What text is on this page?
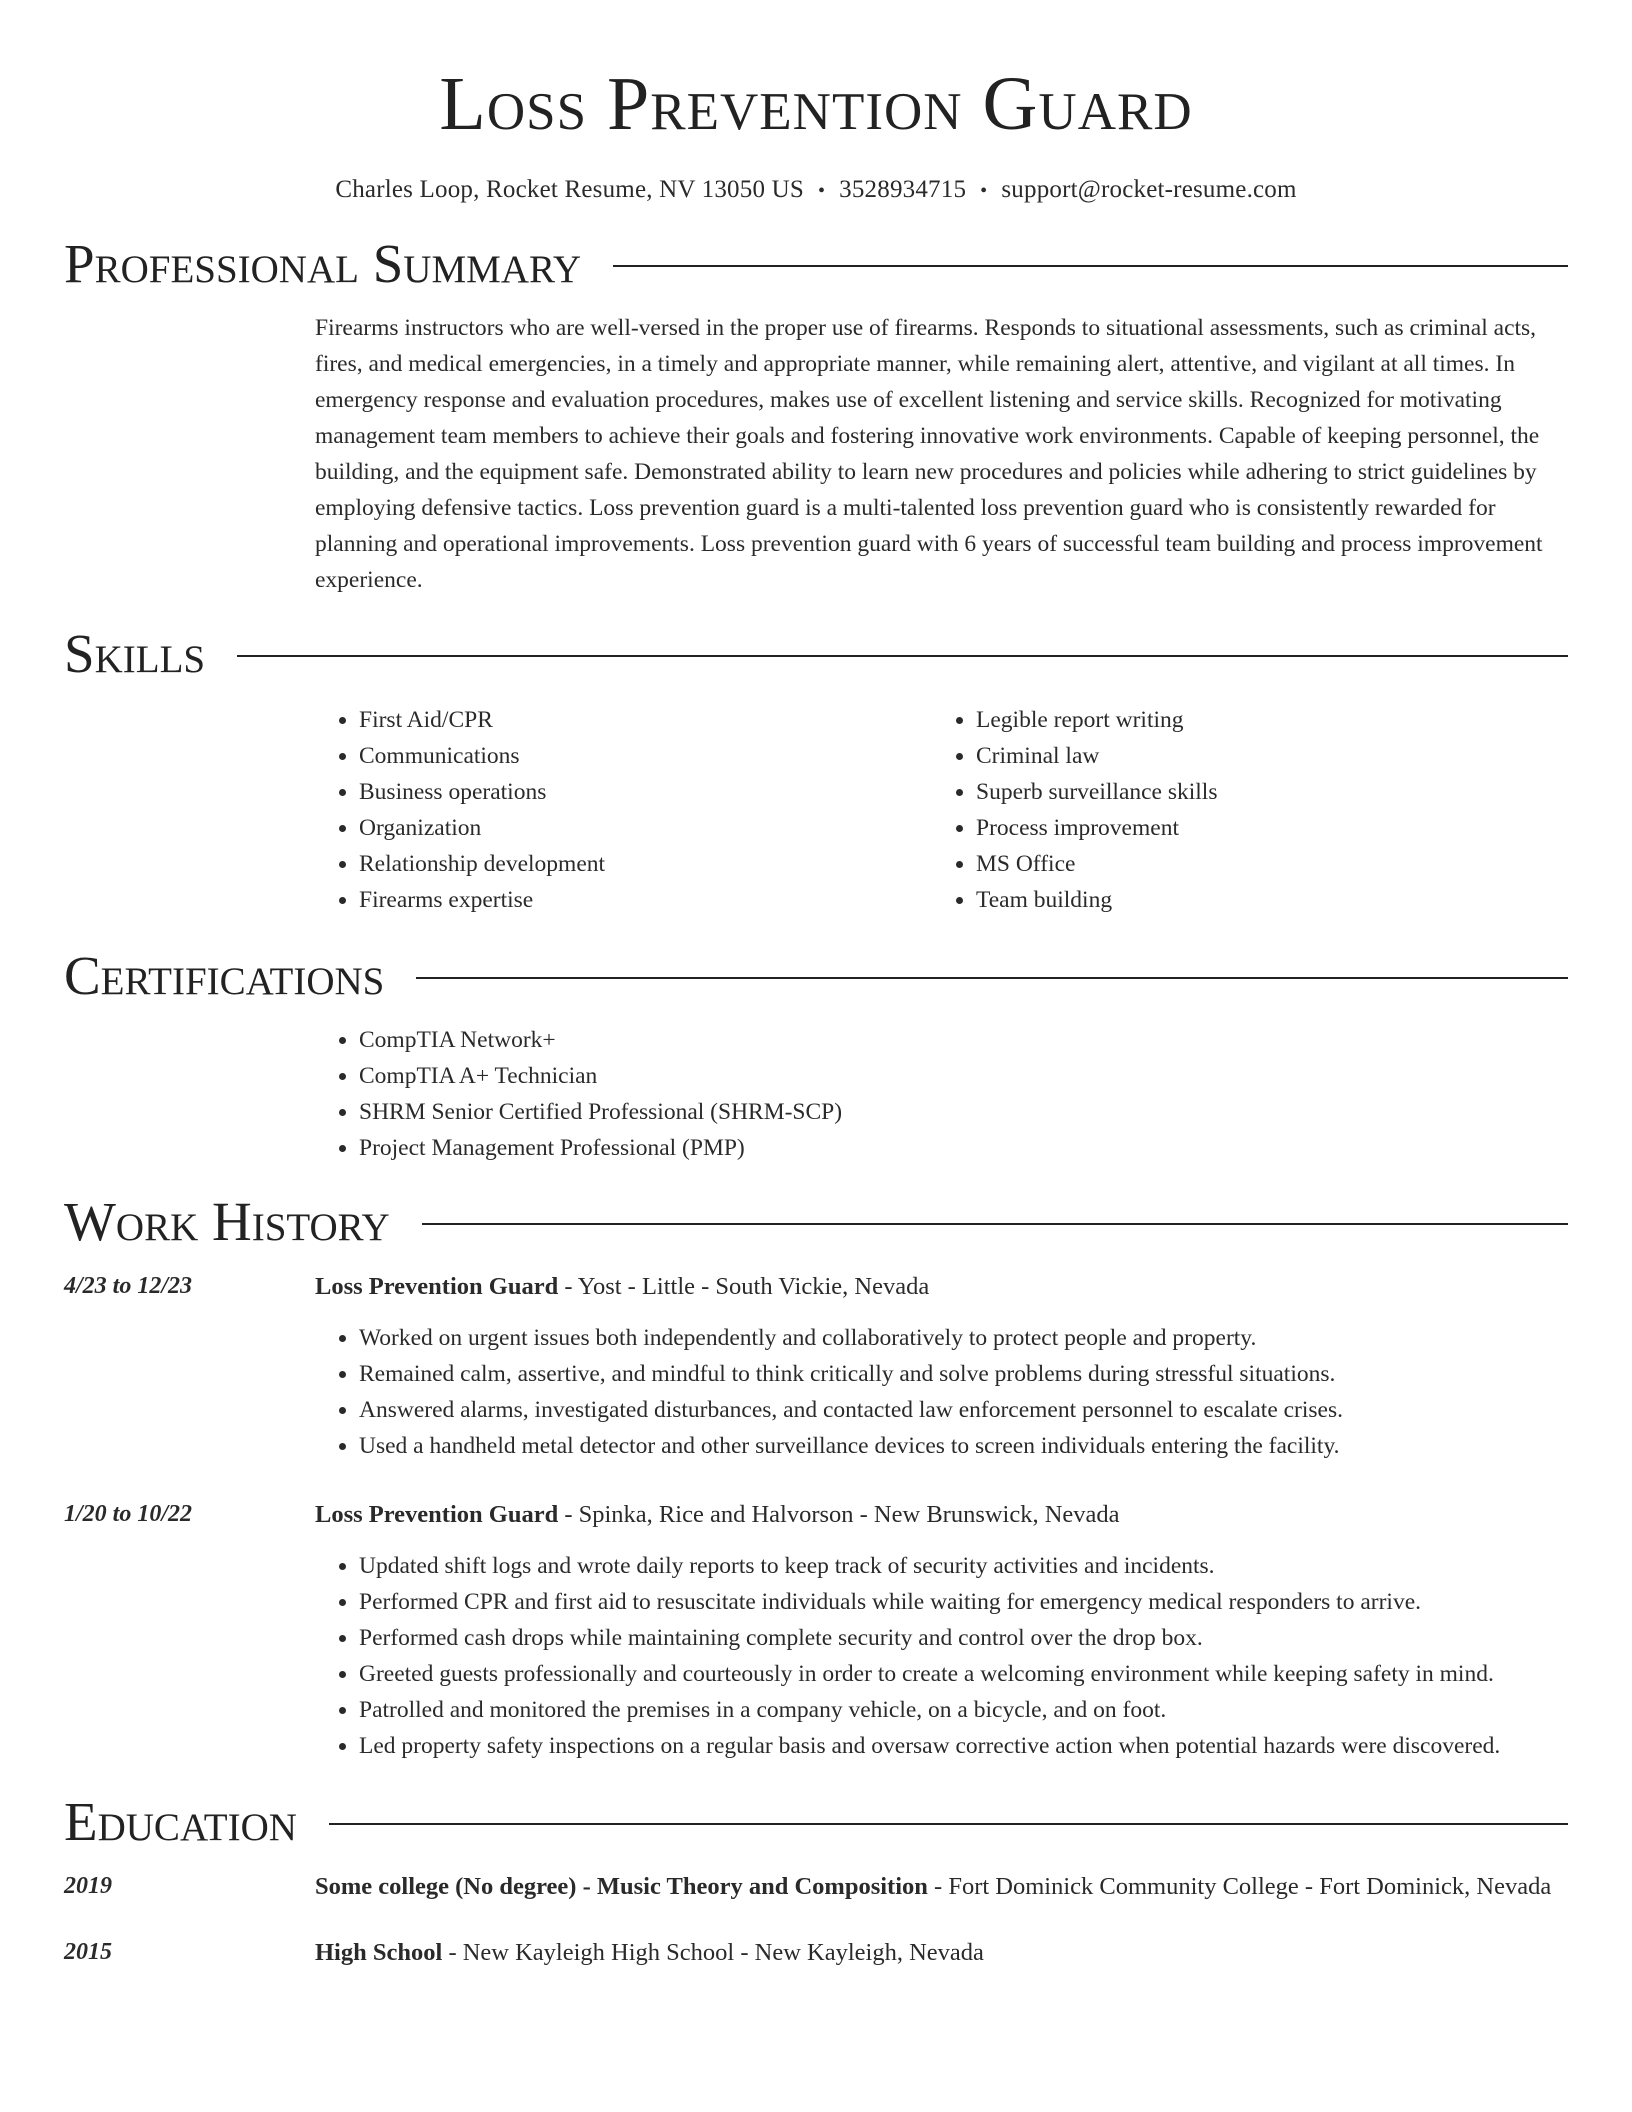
Loss Prevention Guard
Charles Loop, Rocket Resume, NV 13050 US • 3528934715 • support@rocket-resume.com
Professional Summary

Firearms instructors who are well-versed in the proper use of firearms. Responds to situational assessments, such as criminal acts, fires, and medical emergencies, in a timely and appropriate manner, while remaining alert, attentive, and vigilant at all times. In emergency response and evaluation procedures, makes use of excellent listening and service skills. Recognized for motivating management team members to achieve their goals and fostering innovative work environments. Capable of keeping personnel, the building, and the equipment safe. Demonstrated ability to learn new procedures and policies while adhering to strict guidelines by employing defensive tactics. Loss prevention guard is a multi-talented loss prevention guard who is consistently rewarded for planning and operational improvements. Loss prevention guard with 6 years of successful team building and process improvement experience.

Skills
• First Aid/CPR
• Communications
• Business operations
• Organization
• Relationship development
• Firearms expertise
• Legible report writing
• Criminal law
• Superb surveillance skills
• Process improvement
• MS Office
• Team building
Certifications
• CompTIA Network+
• CompTIA A+ Technician
• SHRM Senior Certified Professional (SHRM-SCP)
• Project Management Professional (PMP)
Work History
4/23 to 12/23	Loss Prevention Guard - Yost - Little - South Vickie, Nevada
• Worked on urgent issues both independently and collaboratively to protect people and property.
• Remained calm, assertive, and mindful to think critically and solve problems during stressful situations.
• Answered alarms, investigated disturbances, and contacted law enforcement personnel to escalate crises.
• Used a handheld metal detector and other surveillance devices to screen individuals entering the facility.
1/20 to 10/22	Loss Prevention Guard - Spinka, Rice and Halvorson - New Brunswick, Nevada
• Updated shift logs and wrote daily reports to keep track of security activities and incidents.
• Performed CPR and first aid to resuscitate individuals while waiting for emergency medical responders to arrive.
• Performed cash drops while maintaining complete security and control over the drop box.
• Greeted guests professionally and courteously in order to create a welcoming environment while keeping safety in mind.
• Patrolled and monitored the premises in a company vehicle, on a bicycle, and on foot.
• Led property safety inspections on a regular basis and oversaw corrective action when potential hazards were discovered.
Education
2019	Some college (No degree) - Music Theory and Composition - Fort Dominick Community College - Fort Dominick, Nevada
2015	High School - New Kayleigh High School - New Kayleigh, Nevada
